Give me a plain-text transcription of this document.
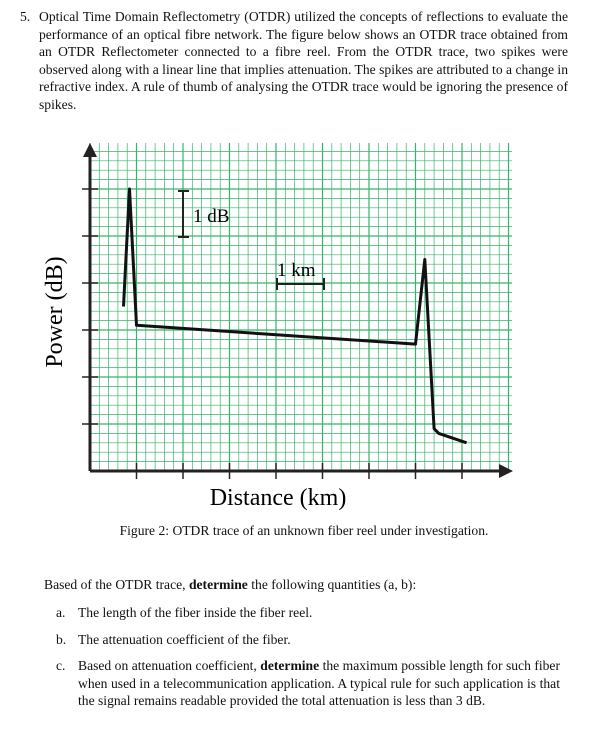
5. Optical Time Domain Reflectometry (OTDR) utilized the concepts of reflections to evaluate the performance of an optical fibre network. The figure below shows an OTDR trace obtained from an OTDR Reflectometer connected to a fibre reel. From the OTDR trace, two spikes were observed along with a linear line that implies attenuation. The spikes are attributed to a change in refractive index. A rule of thumb of analysing the OTDR trace would be ignoring the presence of spikes.
1 dB
1 km
Distance (km)
Power (dB)
Figure 2: OTDR trace of an unknown fiber reel under investigation.
Based of the OTDR trace, determine the following quantities (a, b):
a. The length of the fiber inside the fiber reel.
b. The attenuation coefficient of the fiber.
c. Based on attenuation coefficient, determine the maximum possible length for such fiber when used in a telecommunication application. A typical rule for such application is that the signal remains readable provided the total attenuation is less than 3 dB.
